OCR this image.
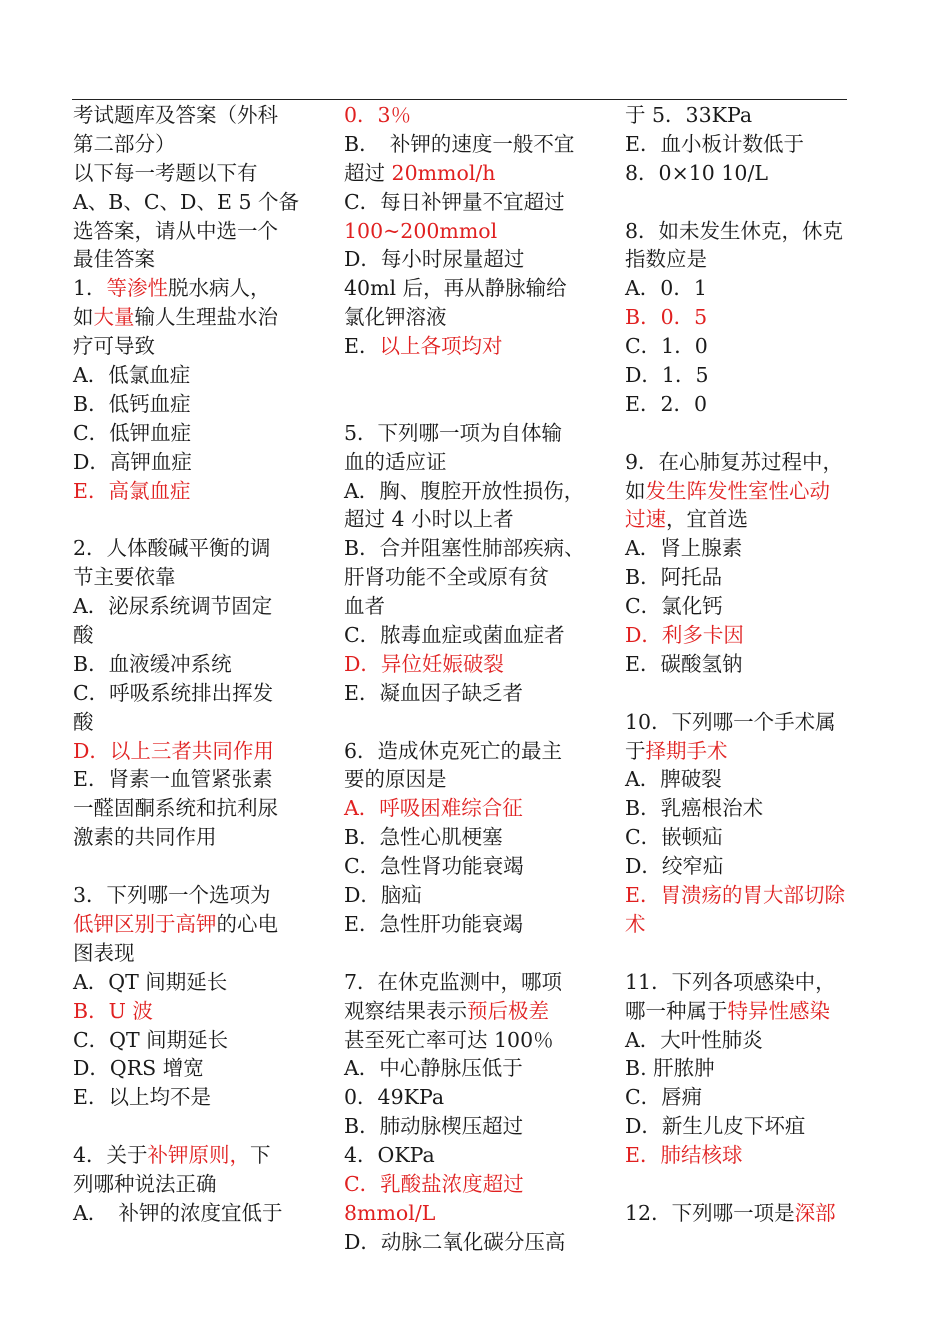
考试题库及答案（外科
第二部分）
以下每一考题以下有
A、B、C、D、E 5 个备
选答案，请从中选一个
最佳答案
1．等渗性脱水病人，
如大量输人生理盐水治
疗可导致
A．低氯血症
B．低钙血症
C．低钾血症
D．高钾血症
E．高氯血症
2．人体酸碱平衡的调
节主要依靠
A．泌尿系统调节固定
酸
B．血液缓冲系统
C．呼吸系统排出挥发
酸
D．以上三者共同作用
E．肾素一血管紧张素
一醛固酮系统和抗利尿
激素的共同作用
3．下列哪一个选项为
低钾区别于高钾的心电
图表现
A．QT 间期延长
B．U 波
C．QT 间期延长
D．QRS 增宽
E．以上均不是
4．关于补钾原则，下
列哪种说法正确
A．　补钾的浓度宜低于
0．3％
B．　补钾的速度一般不宜
超过 20mmol/h
C．每日补钾量不宜超过
100~200mmol
D．每小时尿量超过
40ml 后，再从静脉输给
氯化钾溶液
E．以上各项均对
5．下列哪一项为自体输
血的适应证
A．胸、腹腔开放性损伤，
超过 4 小时以上者
B．合并阻塞性肺部疾病、
肝肾功能不全或原有贫
血者
C．脓毒血症或菌血症者
D．异位妊娠破裂
E．凝血因子缺乏者
6．造成休克死亡的最主
要的原因是
A．呼吸困难综合征
B．急性心肌梗塞
C．急性肾功能衰竭
D．脑疝
E．急性肝功能衰竭
7．在休克监测中，哪项
观察结果表示预后极差
甚至死亡率可达 100％
A．中心静脉压低于
0．49KPa
B．肺动脉楔压超过
4．OKPa
C．乳酸盐浓度超过
8mmol/L
D．动脉二氧化碳分压高
于 5．33KPa
E．血小板计数低于
8．0×10 10/L
8．如未发生休克，休克
指数应是
A．0．1
B．0．5
C．1．0
D．1．5
E．2．0
9．在心肺复苏过程中，
如发生阵发性室性心动
过速，宜首选
A．肾上腺素
B．阿托品
C．氯化钙
D．利多卡因
E．碳酸氢钠
10．下列哪一个手术属
于择期手术
A．脾破裂
B．乳癌根治术
C．嵌顿疝
D．绞窄疝
E．胃溃疡的胃大部切除
术
11．下列各项感染中，
哪一种属于特异性感染
A．大叶性肺炎
B. 肝脓肿
C．唇痈
D．新生儿皮下坏疽
E．肺结核球
12．下列哪一项是深部
